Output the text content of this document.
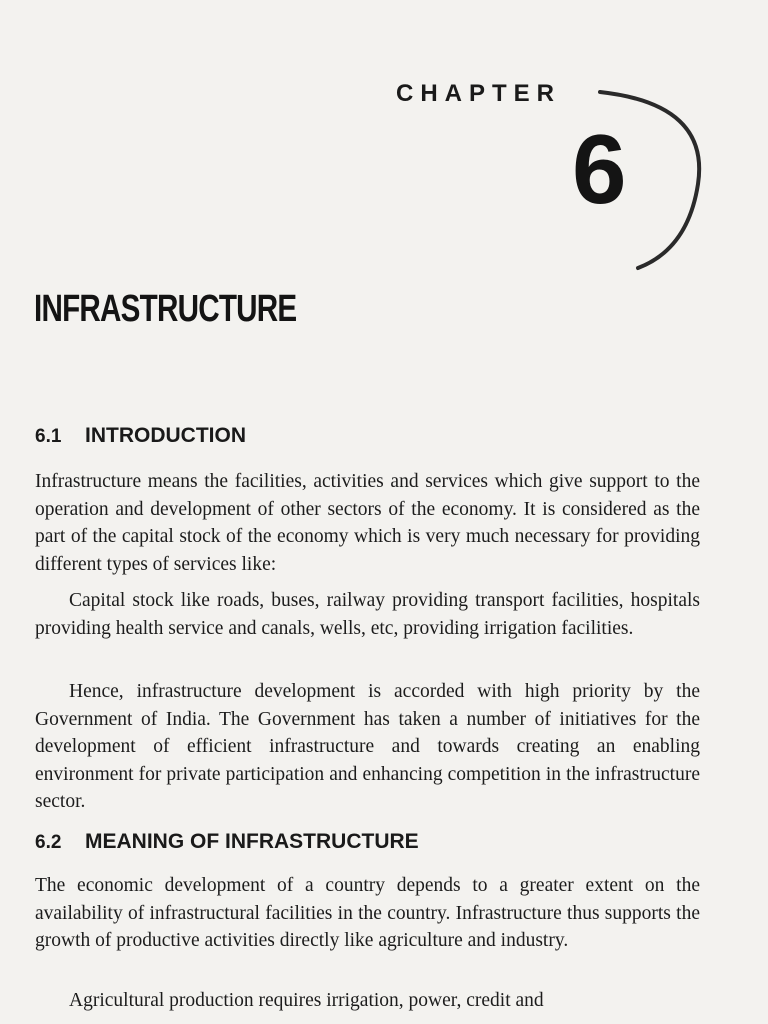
CHAPTER
6
INFRASTRUCTURE
6.1 INTRODUCTION

Infrastructure means the facilities, activities and services which give support to the operation and development of other sectors of the economy. It is considered as the part of the capital stock of the economy which is very much necessary for providing different types of services like:

Capital stock like roads, buses, railway providing transport facilities, hospitals providing health service and canals, wells, etc, providing irrigation facilities.

Hence, infrastructure development is accorded with high priority by the Government of India. The Government has taken a number of initiatives for the development of efficient infrastructure and towards creating an enabling environment for private participation and enhancing competition in the infrastructure sector.

6.2 MEANING OF INFRASTRUCTURE

The economic development of a country depends to a greater extent on the availability of infrastructural facilities in the country. Infrastructure thus supports the growth of productive activities directly like agriculture and industry.

Agricultural production requires irrigation, power, credit and
